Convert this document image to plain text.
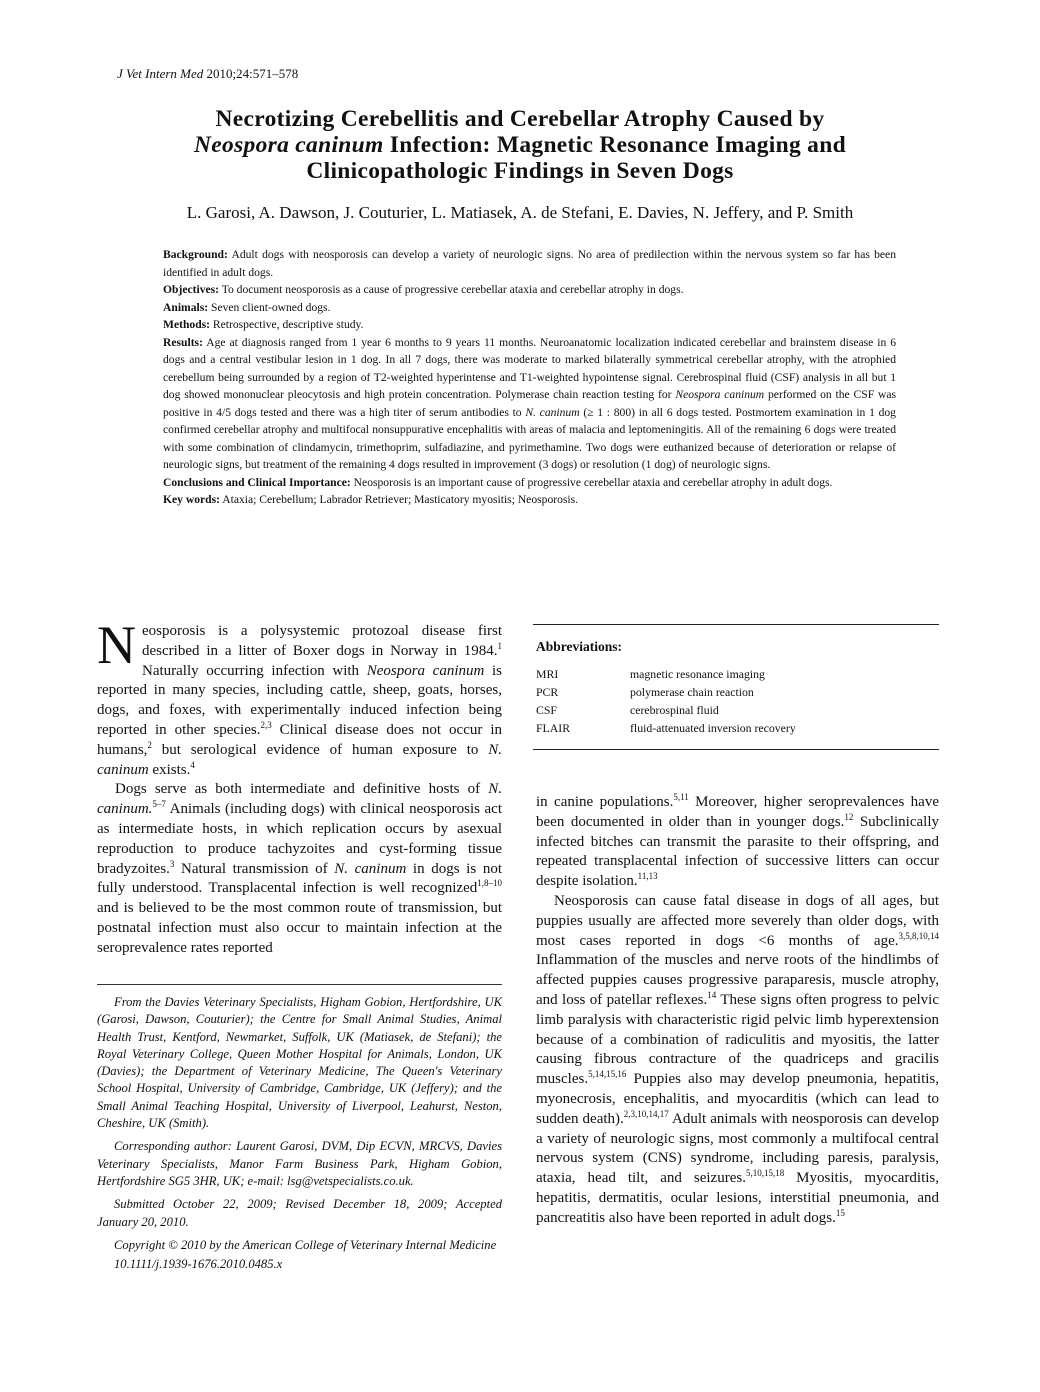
J Vet Intern Med 2010;24:571–578
Necrotizing Cerebellitis and Cerebellar Atrophy Caused by
Neospora caninum Infection: Magnetic Resonance Imaging and
Clinicopathologic Findings in Seven Dogs
L. Garosi, A. Dawson, J. Couturier, L. Matiasek, A. de Stefani, E. Davies, N. Jeffery, and P. Smith

Background: Adult dogs with neosporosis can develop a variety of neurologic signs. No area of predilection within the nervous system so far has been identified in adult dogs.

Objectives: To document neosporosis as a cause of progressive cerebellar ataxia and cerebellar atrophy in dogs.

Animals: Seven client-owned dogs.

Methods: Retrospective, descriptive study.

Results: Age at diagnosis ranged from 1 year 6 months to 9 years 11 months. Neuroanatomic localization indicated cerebellar and brainstem disease in 6 dogs and a central vestibular lesion in 1 dog. In all 7 dogs, there was moderate to marked bilaterally symmetrical cerebellar atrophy, with the atrophied cerebellum being surrounded by a region of T2-weighted hyperintense and T1-weighted hypointense signal. Cerebrospinal fluid (CSF) analysis in all but 1 dog showed mononuclear pleocytosis and high protein concentration. Polymerase chain reaction testing for Neospora caninum performed on the CSF was positive in 4/5 dogs tested and there was a high titer of serum antibodies to N. caninum (≥ 1 : 800) in all 6 dogs tested. Postmortem examination in 1 dog confirmed cerebellar atrophy and multifocal nonsuppurative encephalitis with areas of malacia and leptomeningitis. All of the remaining 6 dogs were treated with some combination of clindamycin, trimethoprim, sulfadiazine, and pyrimethamine. Two dogs were euthanized because of deterioration or relapse of neurologic signs, but treatment of the remaining 4 dogs resulted in improvement (3 dogs) or resolution (1 dog) of neurologic signs.

Conclusions and Clinical Importance: Neosporosis is an important cause of progressive cerebellar ataxia and cerebellar atrophy in adult dogs.

Key words: Ataxia; Cerebellum; Labrador Retriever; Masticatory myositis; Neosporosis.

Neosporosis is a polysystemic protozoal disease first described in a litter of Boxer dogs in Norway in 1984.$^1$ Naturally occurring infection with Neospora caninum is reported in many species, including cattle, sheep, goats, horses, dogs, and foxes, with experimentally induced infection being reported in other species.$^{2,3}$ Clinical disease does not occur in humans,$^2$ but serological evidence of human exposure to N. caninum exists.$^4$

Dogs serve as both intermediate and definitive hosts of N. caninum.$^{5-7}$ Animals (including dogs) with clinical neosporosis act as intermediate hosts, in which replication occurs by asexual reproduction to produce tachyzoites and cyst-forming tissue bradyzoites.$^3$ Natural transmission of N. caninum in dogs is not fully understood. Transplacental infection is well recognized$^{1,8-10}$ and is believed to be the most common route of transmission, but postnatal infection must also occur to maintain infection at the seroprevalence rates reported

From the Davies Veterinary Specialists, Higham Gobion, Hertfordshire, UK (Garosi, Dawson, Couturier); the Centre for Small Animal Studies, Animal Health Trust, Kentford, Newmarket, Suffolk, UK (Matiasek, de Stefani); the Royal Veterinary College, Queen Mother Hospital for Animals, London, UK (Davies); the Department of Veterinary Medicine, The Queen's Veterinary School Hospital, University of Cambridge, Cambridge, UK (Jeffery); and the Small Animal Teaching Hospital, University of Liverpool, Leahurst, Neston, Cheshire, UK (Smith).

Corresponding author: Laurent Garosi, DVM, Dip ECVN, MRCVS, Davies Veterinary Specialists, Manor Farm Business Park, Higham Gobion, Hertfordshire SG5 3HR, UK; e-mail: lsg@vetspecialists.co.uk.

Submitted October 22, 2009; Revised December 18, 2009; Accepted January 20, 2010.

Copyright © 2010 by the American College of Veterinary Internal Medicine

10.1111/j.1939-1676.2010.0485.x

Abbreviations:
MRI	magnetic resonance imaging
PCR	polymerase chain reaction
CSF	cerebrospinal fluid
FLAIR	fluid-attenuated inversion recovery

in canine populations.$^{5,11}$ Moreover, higher seroprevalences have been documented in older than in younger dogs.$^{12}$ Subclinically infected bitches can transmit the parasite to their offspring, and repeated transplacental infection of successive litters can occur despite isolation.$^{11,13}$

Neosporosis can cause fatal disease in dogs of all ages, but puppies usually are affected more severely than older dogs, with most cases reported in dogs <6 months of age.$^{3,5,8,10,14}$ Inflammation of the muscles and nerve roots of the hindlimbs of affected puppies causes progressive paraparesis, muscle atrophy, and loss of patellar reflexes.$^{14}$ These signs often progress to pelvic limb paralysis with characteristic rigid pelvic limb hyperextension because of a combination of radiculitis and myositis, the latter causing fibrous contracture of the quadriceps and gracilis muscles.$^{5,14,15,16}$ Puppies also may develop pneumonia, hepatitis, myonecrosis, encephalitis, and myocarditis (which can lead to sudden death).$^{2,3,10,14,17}$ Adult animals with neosporosis can develop a variety of neurologic signs, most commonly a multifocal central nervous system (CNS) syndrome, including paresis, paralysis, ataxia, head tilt, and seizures.$^{5,10,15,18}$ Myositis, myocarditis, hepatitis, dermatitis, ocular lesions, interstitial pneumonia, and pancreatitis also have been reported in adult dogs.$^{15}$
